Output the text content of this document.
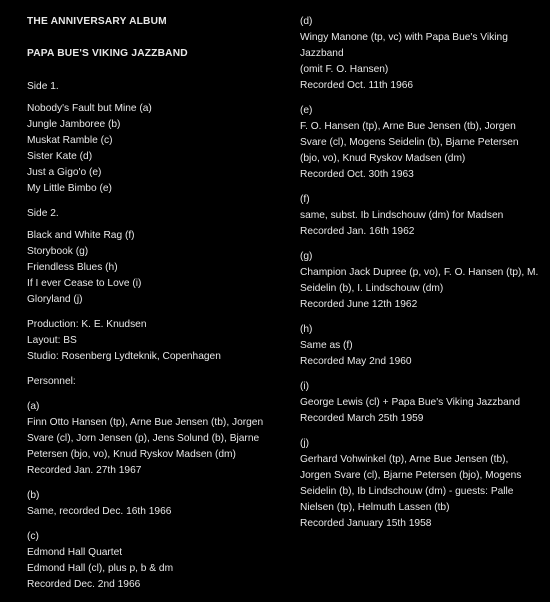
THE ANNIVERSARY ALBUM
PAPA BUE'S VIKING JAZZBAND
Side 1.
Nobody's Fault but Mine (a)
Jungle Jamboree (b)
Muskat Ramble (c)
Sister Kate (d)
Just a Gigo'o (e)
My Little Bimbo (e)
Side 2.
Black and White Rag (f)
Storybook (g)
Friendless Blues (h)
If I ever Cease to Love (i)
Gloryland (j)
Production: K. E. Knudsen
Layout: BS
Studio: Rosenberg Lydteknik, Copenhagen
Personnel:
(a)
Finn Otto Hansen (tp), Arne Bue Jensen (tb), Jorgen Svare (cl), Jorn Jensen (p), Jens Solund (b), Bjarne Petersen (bjo, vo), Knud Ryskov Madsen (dm)
Recorded Jan. 27th 1967
(b)
Same, recorded Dec. 16th 1966
(c)
Edmond Hall Quartet
Edmond Hall (cl), plus p, b & dm
Recorded Dec. 2nd 1966
(d)
Wingy Manone (tp, vc) with Papa Bue's Viking Jazzband
(omit F. O. Hansen)
Recorded Oct. 11th 1966
(e)
F. O. Hansen (tp), Arne Bue Jensen (tb), Jorgen Svare (cl), Mogens Seidelin (b), Bjarne Petersen (bjo, vo), Knud Ryskov Madsen (dm)
Recorded Oct. 30th 1963
(f)
same, subst. Ib Lindschouw (dm) for Madsen
Recorded Jan. 16th 1962
(g)
Champion Jack Dupree (p, vo), F. O. Hansen (tp), M. Seidelin (b), I. Lindschouw (dm)
Recorded June 12th 1962
(h)
Same as (f)
Recorded May 2nd 1960
(i)
George Lewis (cl) + Papa Bue's Viking Jazzband
Recorded March 25th 1959
(j)
Gerhard Vohwinkel (tp), Arne Bue Jensen (tb), Jorgen Svare (cl), Bjarne Petersen (bjo), Mogens Seidelin (b), Ib Lindschouw (dm) - guests: Palle Nielsen (tp), Helmuth Lassen (tb)
Recorded January 15th 1958
